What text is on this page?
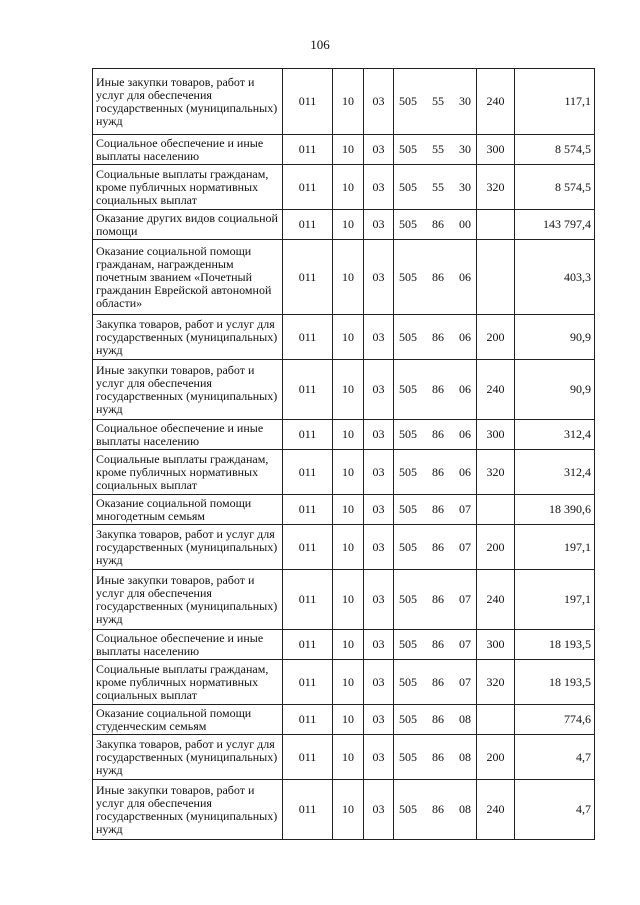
106
Иные закупки товаров, работ и услуг для обеспечения государственных (муниципальных) нужд	011	10	03	505 55 30	240	117,1
Социальное обеспечение и иные выплаты населению	011	10	03	505 55 30	300	8 574,5
Социальные выплаты гражданам, кроме публичных нормативных социальных выплат	011	10	03	505 55 30	320	8 574,5
Оказание других видов социальной помощи	011	10	03	505 86 00		143 797,4
Оказание социальной помощи гражданам, награжденным почетным званием «Почетный гражданин Еврейской автономной области»	011	10	03	505 86 06		403,3
Закупка товаров, работ и услуг для государственных (муниципальных) нужд	011	10	03	505 86 06	200	90,9
Иные закупки товаров, работ и услуг для обеспечения государственных (муниципальных) нужд	011	10	03	505 86 06	240	90,9
Социальное обеспечение и иные выплаты населению	011	10	03	505 86 06	300	312,4
Социальные выплаты гражданам, кроме публичных нормативных социальных выплат	011	10	03	505 86 06	320	312,4
Оказание социальной помощи многодетным семьям	011	10	03	505 86 07		18 390,6
Закупка товаров, работ и услуг для государственных (муниципальных) нужд	011	10	03	505 86 07	200	197,1
Иные закупки товаров, работ и услуг для обеспечения государственных (муниципальных) нужд	011	10	03	505 86 07	240	197,1
Социальное обеспечение и иные выплаты населению	011	10	03	505 86 07	300	18 193,5
Социальные выплаты гражданам, кроме публичных нормативных социальных выплат	011	10	03	505 86 07	320	18 193,5
Оказание социальной помощи студенческим семьям	011	10	03	505 86 08		774,6
Закупка товаров, работ и услуг для государственных (муниципальных) нужд	011	10	03	505 86 08	200	4,7
Иные закупки товаров, работ и услуг для обеспечения государственных (муниципальных) нужд	011	10	03	505 86 08	240	4,7
